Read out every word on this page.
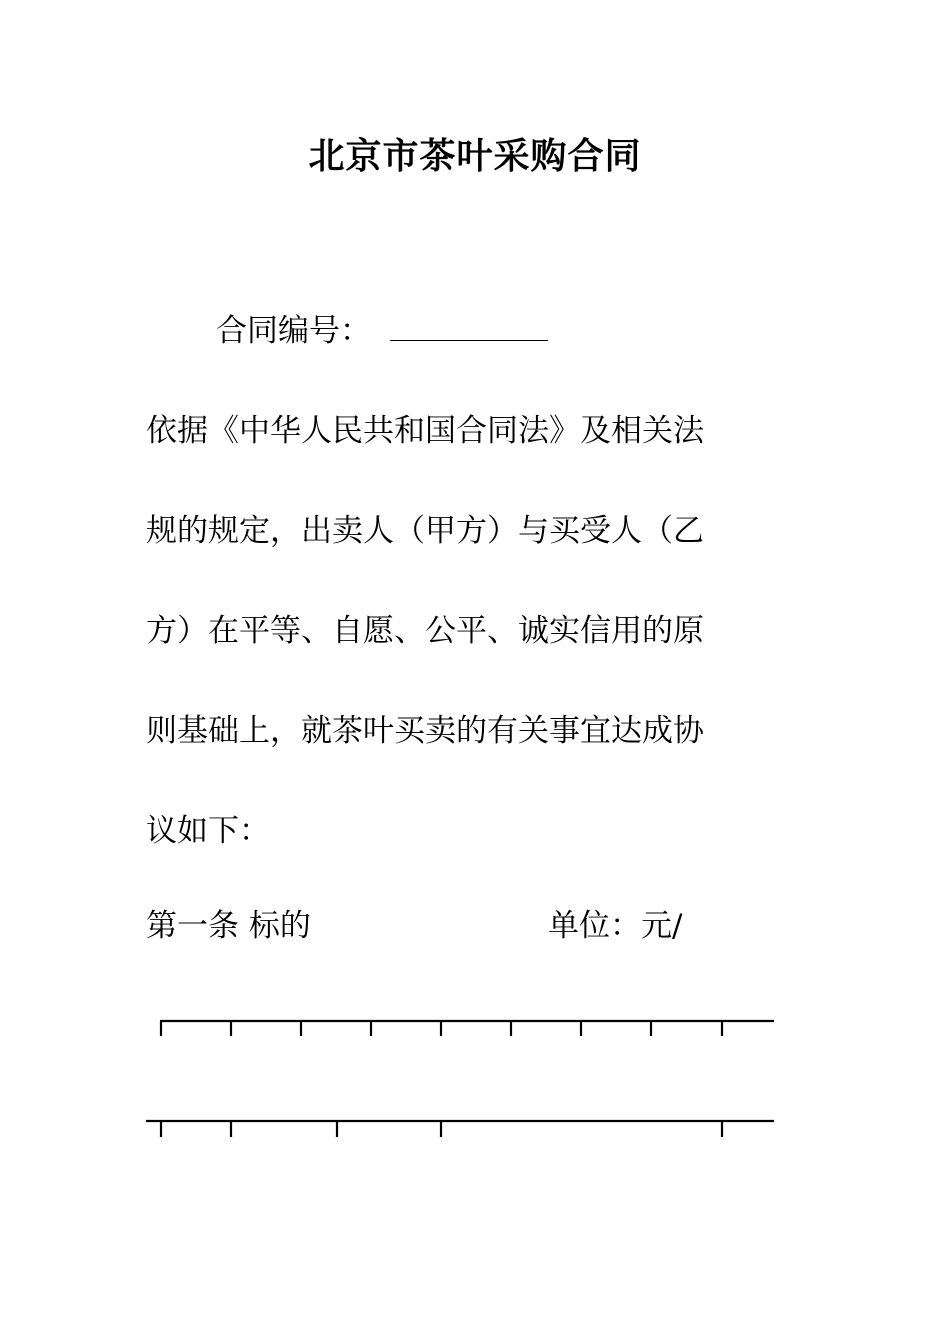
北京市茶叶采购合同
合同编号：
依据《中华人民共和国合同法》及相关法
规的规定，出卖人（甲方）与买受人（乙
方）在平等、自愿、公平、诚实信用的原
则基础上，就茶叶买卖的有关事宜达成协
议如下：
第一条 标的	单位：元/
